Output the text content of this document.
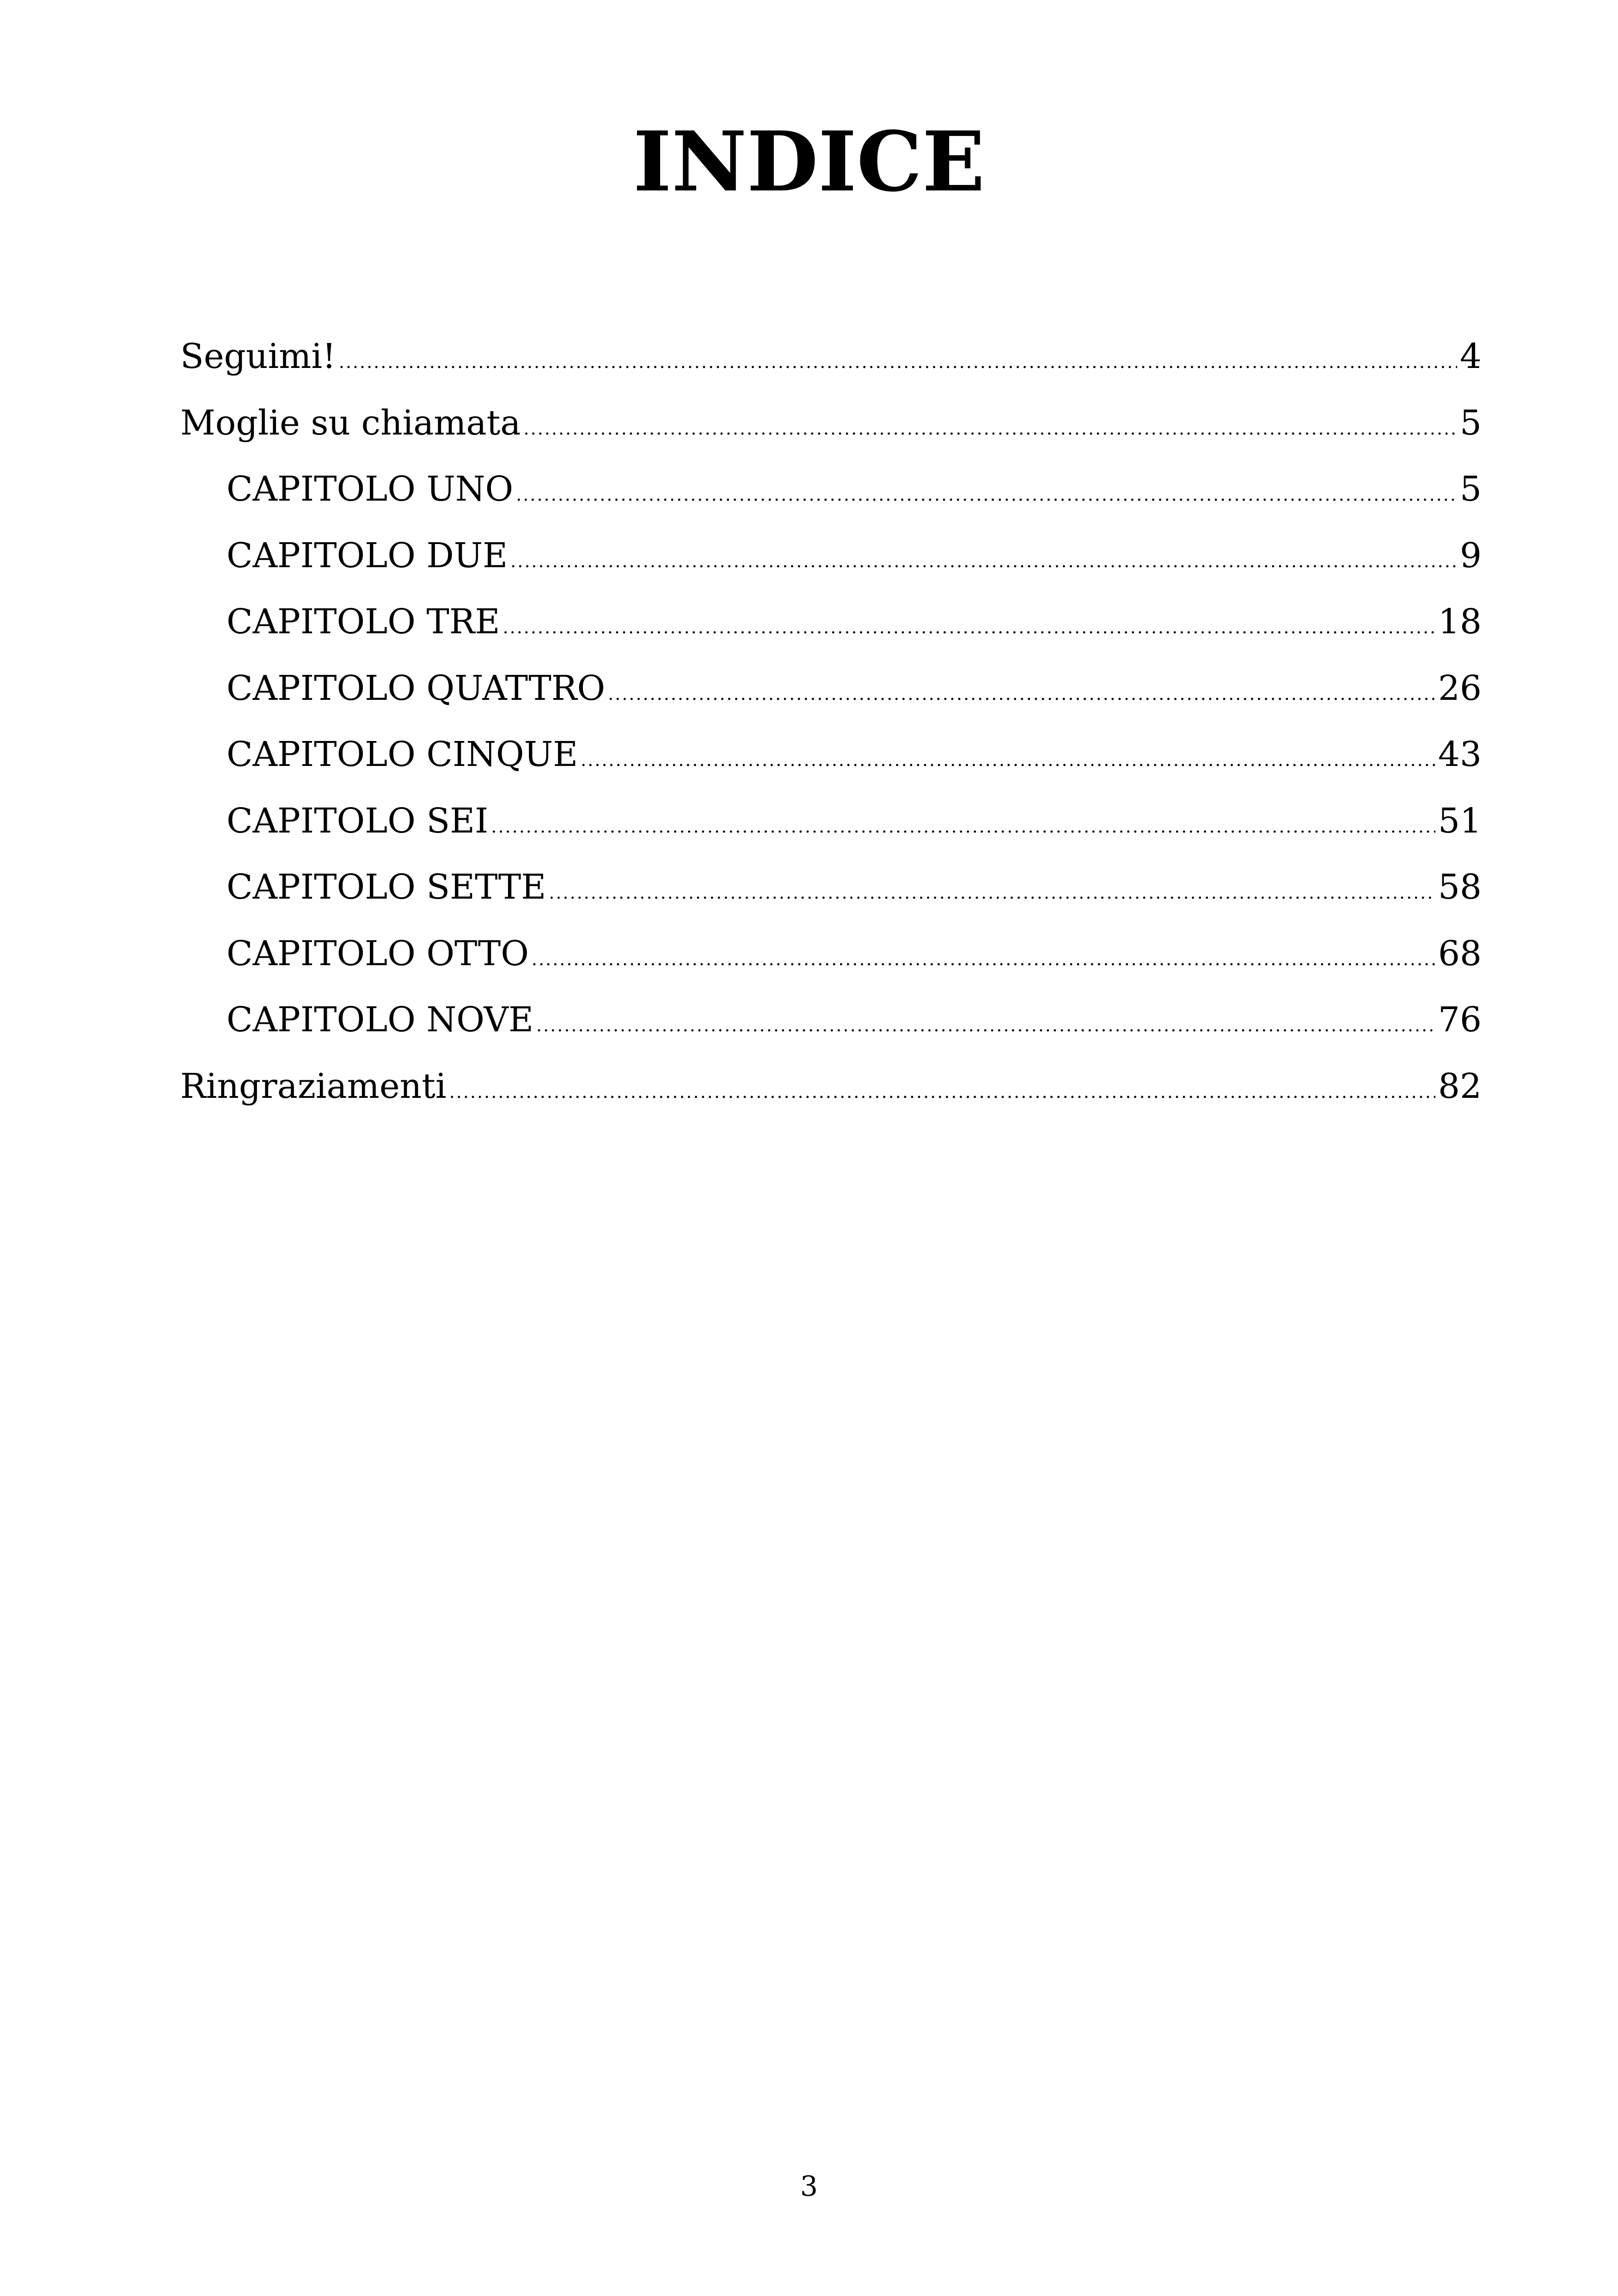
INDICE
Seguimi! .....	4
Moglie su chiamata .....	5
CAPITOLO UNO .....	5
CAPITOLO DUE .....	9
CAPITOLO TRE .....	18
CAPITOLO QUATTRO .....	26
CAPITOLO CINQUE .....	43
CAPITOLO SEI .....	51
CAPITOLO SETTE .....	58
CAPITOLO OTTO .....	68
CAPITOLO NOVE .....	76
Ringraziamenti .....	82
3
